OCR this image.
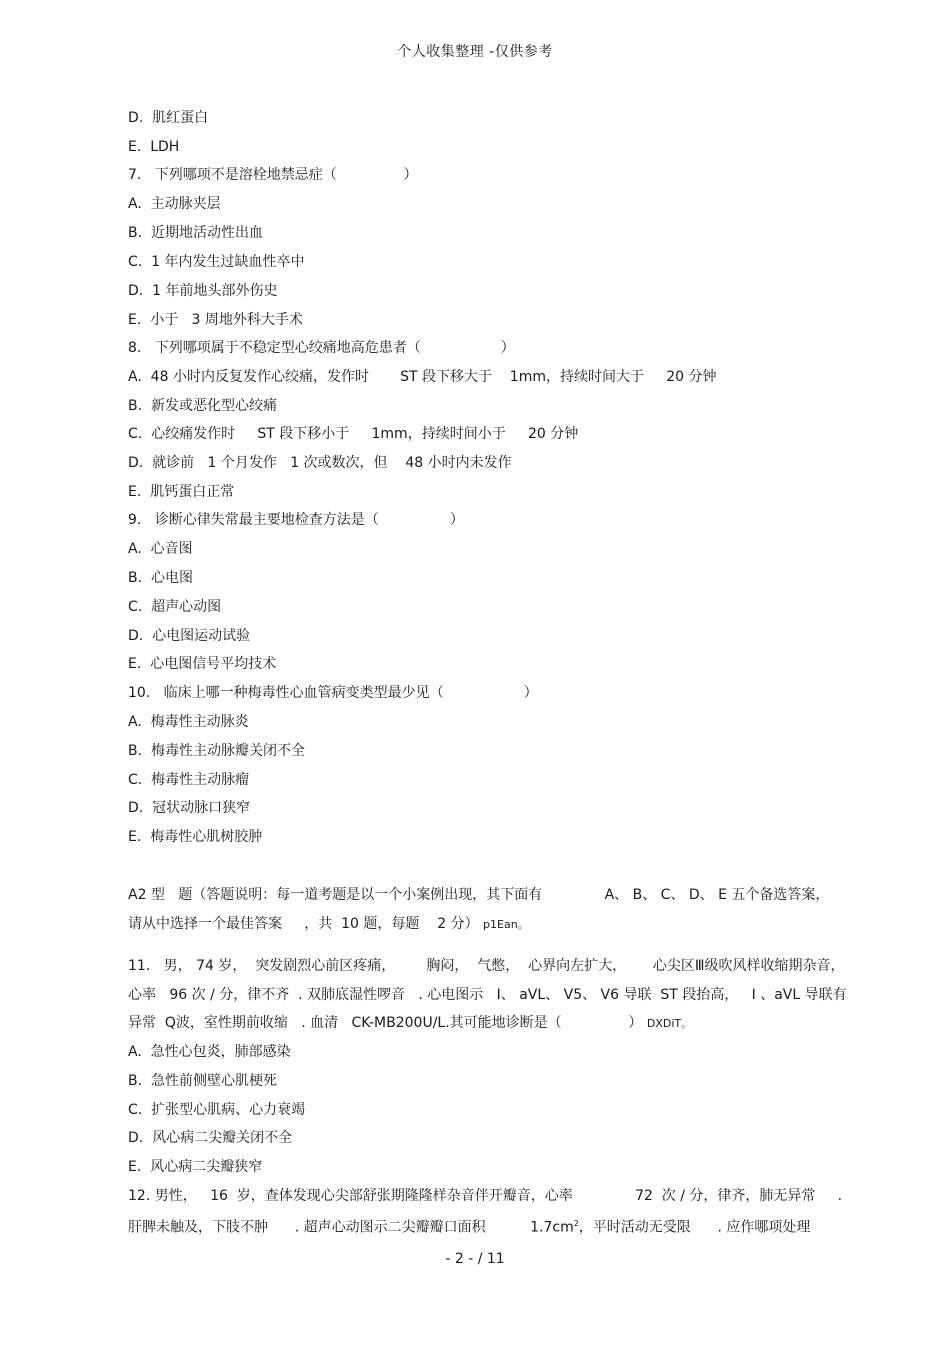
个人收集整理 -仅供参考
D.  肌红蛋白
E.  LDH
7.   下列哪项不是溶栓地禁忌症（               ）
A.  主动脉夹层
B.  近期地活动性出血
C.  1 年内发生过缺血性卒中
D.  1 年前地头部外伤史
E.  小于   3 周地外科大手术
8.   下列哪项属于不稳定型心绞痛地高危患者（                  ）
A.  48 小时内反复发作心绞痛，发作时       ST 段下移大于    1mm，持续时间大于     20 分钟
B.  新发或恶化型心绞痛
C.  心绞痛发作时     ST 段下移小于     1mm，持续时间小于     20 分钟
D.  就诊前   1 个月发作   1 次或数次，但    48 小时内未发作
E.  肌钙蛋白正常
9.   诊断心律失常最主要地检查方法是（                ）
A.  心音图
B.  心电图
C.  超声心动图
D.  心电图运动试验
E.  心电图信号平均技术
10.   临床上哪一种梅毒性心血管病变类型最少见（                  ）
A.  梅毒性主动脉炎
B.  梅毒性主动脉瓣关闭不全
C.  梅毒性主动脉瘤
D.  冠状动脉口狭窄
E.  梅毒性心肌树胶肿
A2 型   题（答题说明：每一道考题是以一个小案例出现，其下面有              A、 B、 C、 D、 E 五个备选答案，
请从中选择一个最佳答案     ，共  10 题，每题    2 分） p1Ean。
11.   男， 74 岁，  突发剧烈心前区疼痛，       胸闷，  气憋，  心界向左扩大，      心尖区Ⅲ级吹风样收缩期杂音，
心率   96 次 / 分，律不齐  . 双肺底湿性啰音   . 心电图示   Ⅰ、 aVL、 V5、 V6 导联  ST 段抬高，   Ⅰ 、aVL 导联有
异常  Q波，室性期前收缩   . 血清   CK-MB200U/L.其可能地诊断是（               ） DXDiT。
A.  急性心包炎，肺部感染
B.  急性前侧壁心肌梗死
C.  扩张型心肌病、心力衰竭
D.  风心病二尖瓣关闭不全
E.  风心病二尖瓣狭窄
12. 男性，   16  岁，查体发现心尖部舒张期隆隆样杂音伴开瓣音，心率              72  次 / 分，律齐，肺无异常     .
肝脾未触及，下肢不肿      . 超声心动图示二尖瓣瓣口面积          $1.7cm^2$，平时活动无受限      . 应作哪项处理
- 2 - / 11
